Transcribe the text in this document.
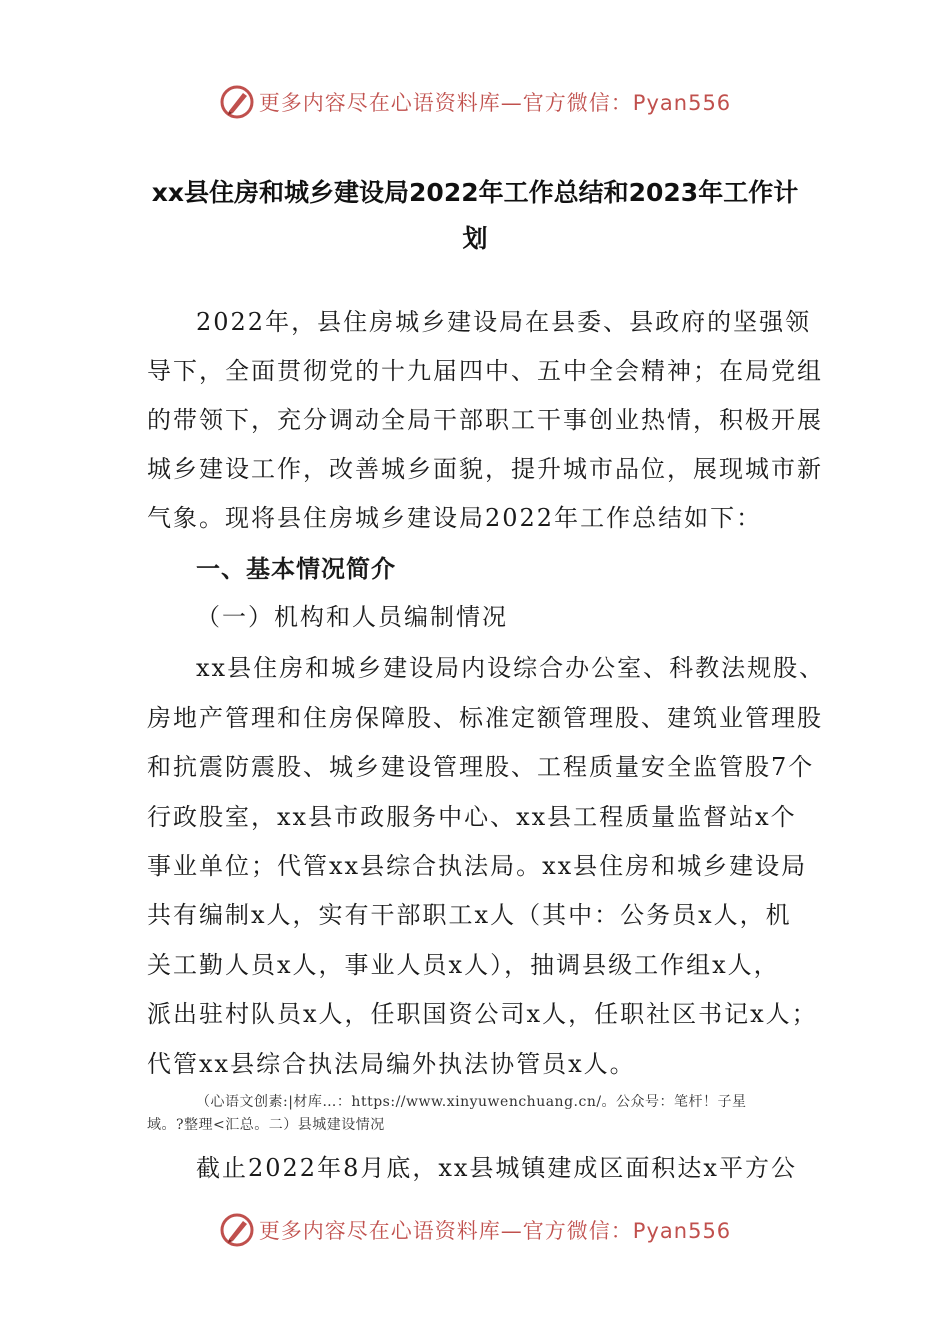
更多内容尽在心语资料库—官方微信：Pyan556
xx县住房和城乡建设局2022年工作总结和2023年工作计
划
2022年，县住房城乡建设局在县委、县政府的坚强领
导下，全面贯彻党的十九届四中、五中全会精神；在局党组
的带领下，充分调动全局干部职工干事创业热情，积极开展
城乡建设工作，改善城乡面貌，提升城市品位，展现城市新
气象。现将县住房城乡建设局2022年工作总结如下：
一、基本情况简介
（一）机构和人员编制情况
xx县住房和城乡建设局内设综合办公室、科教法规股、
房地产管理和住房保障股、标准定额管理股、建筑业管理股
和抗震防震股、城乡建设管理股、工程质量安全监管股7个
行政股室，xx县市政服务中心、xx县工程质量监督站x个
事业单位；代管xx县综合执法局。xx县住房和城乡建设局
共有编制x人，实有干部职工x人（其中：公务员x人，机
关工勤人员x人，事业人员x人），抽调县级工作组x人，
派出驻村队员x人，任职国资公司x人，任职社区书记x人；
代管xx县综合执法局编外执法协管员x人。
（心语文创素:|材库…：https://www.xinyuwenchuang.cn/。公众号：笔杆！子星
域。?整理<汇总。二）县城建设情况
截止2022年8月底，xx县城镇建成区面积达x平方公
更多内容尽在心语资料库—官方微信：Pyan556
